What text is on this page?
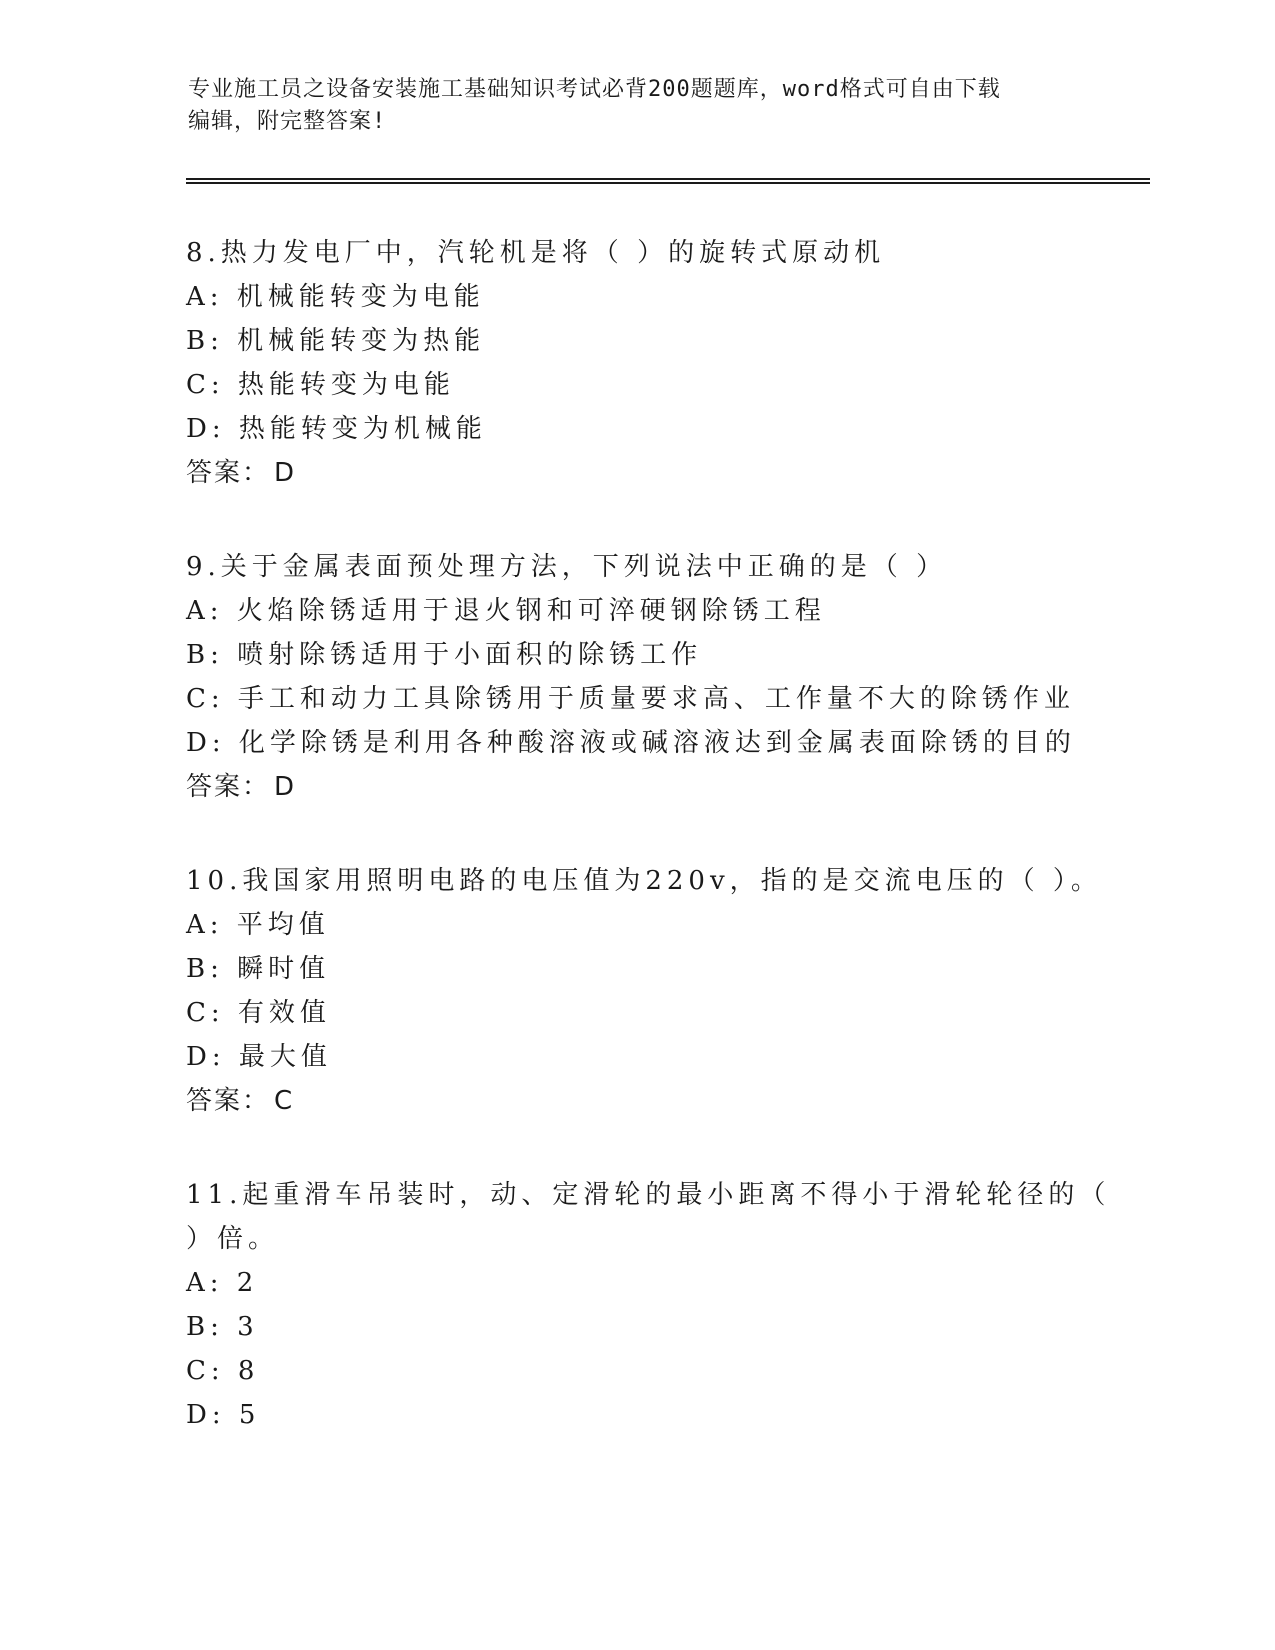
专业施工员之设备安装施工基础知识考试必背200题题库，word格式可自由下载
编辑，附完整答案!
8.热力发电厂中，汽轮机是将（ ）的旋转式原动机
A: 机械能转变为电能
B: 机械能转变为热能
C: 热能转变为电能
D: 热能转变为机械能
答案： D
9.关于金属表面预处理方法，下列说法中正确的是（ ）
A: 火焰除锈适用于退火钢和可淬硬钢除锈工程
B: 喷射除锈适用于小面积的除锈工作
C: 手工和动力工具除锈用于质量要求高、工作量不大的除锈作业
D: 化学除锈是利用各种酸溶液或碱溶液达到金属表面除锈的目的
答案： D
10.我国家用照明电路的电压值为220v，指的是交流电压的（ ）。
A: 平均值
B: 瞬时值
C: 有效值
D: 最大值
答案： C
11.起重滑车吊装时，动、定滑轮的最小距离不得小于滑轮轮径的（
）倍。
A: 2
B: 3
C: 8
D: 5
